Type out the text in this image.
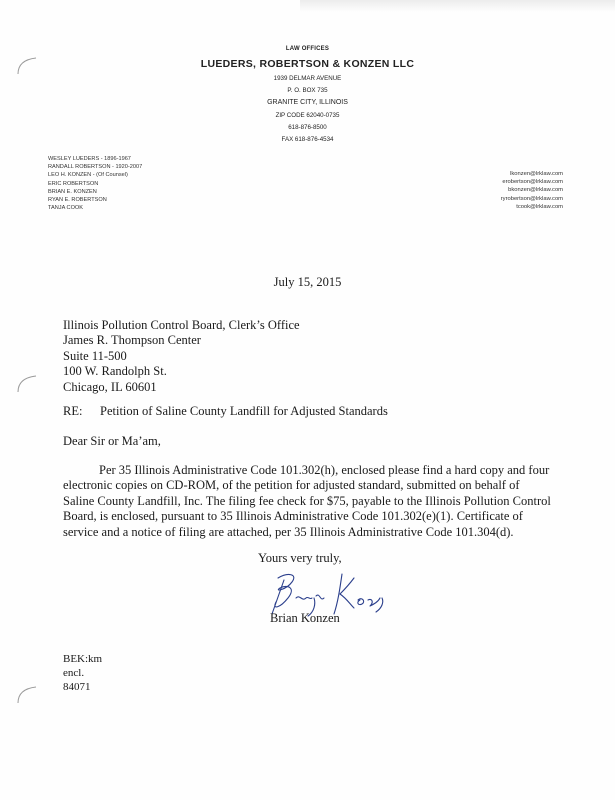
LAW OFFICES
LUEDERS, ROBERTSON & KONZEN LLC
1939 DELMAR AVENUE
P. O. BOX 735
GRANITE CITY, ILLINOIS
ZIP CODE 62040-0735
618-876-8500
FAX 618-876-4534
WESLEY LUEDERS - 1896-1967
RANDALL ROBERTSON - 1920-2007
LEO H. KONZEN - (Of Counsel)
ERIC ROBERTSON
BRIAN E. KONZEN
RYAN E. ROBERTSON
TANJA COOK
lkonzen@lrklaw.com
erobertson@lrklaw.com
bkonzen@lrklaw.com
ryrobertson@lrklaw.com
tcook@lrklaw.com
July 15, 2015
Illinois Pollution Control Board, Clerk’s Office
James R. Thompson Center
Suite 11-500
100 W. Randolph St.
Chicago, IL 60601
RE: Petition of Saline County Landfill for Adjusted Standards
Dear Sir or Ma’am,
Per 35 Illinois Administrative Code 101.302(h), enclosed please find a hard copy and four
electronic copies on CD-ROM, of the petition for adjusted standard, submitted on behalf of
Saline County Landfill, Inc. The filing fee check for $75, payable to the Illinois Pollution Control
Board, is enclosed, pursuant to 35 Illinois Administrative Code 101.302(e)(1). Certificate of
service and a notice of filing are attached, per 35 Illinois Administrative Code 101.304(d).
Yours very truly,
Brian Konzen
BEK:km
encl.
84071
